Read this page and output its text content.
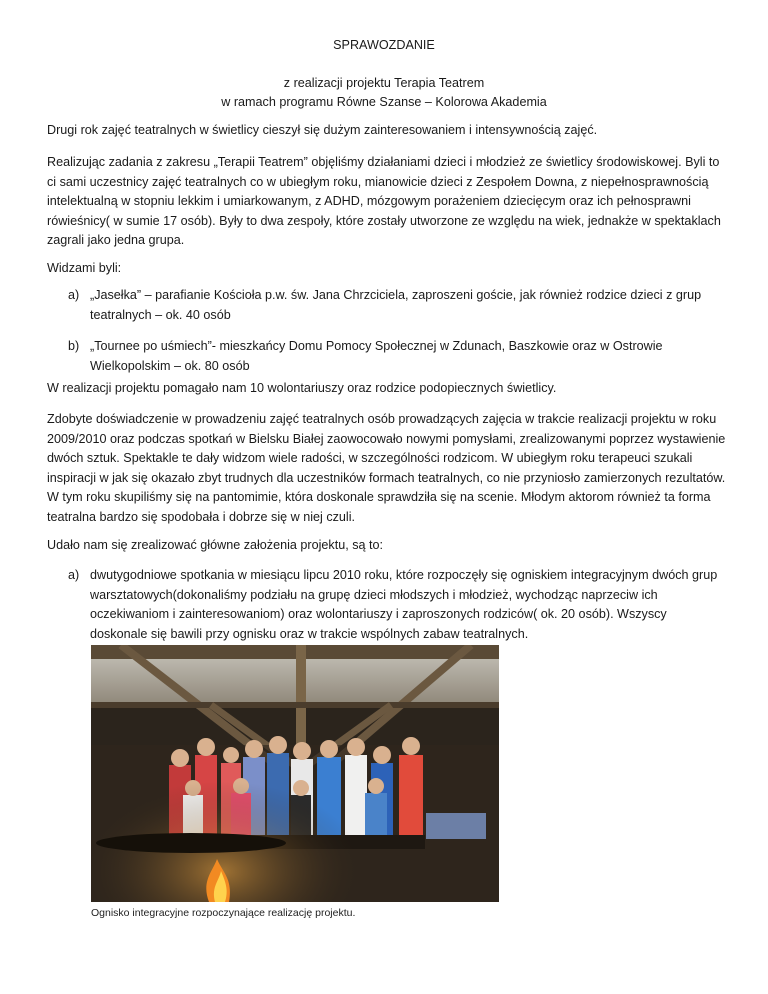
SPRAWOZDANIE
z realizacji projektu Terapia Teatrem
w ramach programu Równe Szanse – Kolorowa Akademia

Drugi rok zajęć teatralnych w świetlicy cieszył się dużym zainteresowaniem i intensywnością zajęć.

Realizując zadania z zakresu „Terapii Teatrem” objęliśmy działaniami dzieci i młodzież ze świetlicy środowiskowej. Byli to ci sami uczestnicy zajęć teatralnych co w ubiegłym roku, mianowicie dzieci z Zespołem Downa, z niepełnosprawnością intelektualną w stopniu lekkim i umiarkowanym, z ADHD, mózgowym porażeniem dziecięcym oraz ich pełnosprawni rówieśnicy( w sumie 17 osób). Były to dwa zespoły, które zostały utworzone ze względu na wiek, jednakże w spektaklach zagrali jako jedna grupa.

Widzami byli:

a) „Jasełka” – parafianie Kościoła p.w. św. Jana Chrzciciela, zaproszeni goście, jak również rodzice dzieci z grup teatralnych – ok. 40 osób
b) „Tournee po uśmiech”- mieszkańcy Domu Pomocy Społecznej w Zdunach, Baszkowie oraz w Ostrowie Wielkopolskim – ok. 80 osób

W realizacji projektu pomagało nam 10 wolontariuszy oraz rodzice podopiecznych świetlicy.

Zdobyte doświadczenie w prowadzeniu zajęć teatralnych osób prowadzących zajęcia w trakcie realizacji projektu w roku 2009/2010 oraz podczas spotkań w Bielsku Białej zaowocowało nowymi pomysłami, zrealizowanymi poprzez wystawienie dwóch sztuk. Spektakle te dały widzom wiele radości, w szczególności rodzicom. W ubiegłym roku terapeuci szukali inspiracji w jak się okazało zbyt trudnych dla uczestników formach teatralnych, co nie przyniosło zamierzonych rezultatów. W tym roku skupiliśmy się na pantomimie, która doskonale sprawdziła się na scenie. Młodym aktorom również ta forma teatralna bardzo się spodobała i dobrze się w niej czuli.

Udało nam się zrealizować główne założenia projektu, są to:

a) dwutygodniowe spotkania w miesiącu lipcu 2010 roku, które rozpoczęły się ogniskiem integracyjnym dwóch grup warsztatowych(dokonaliśmy podziału na grupę dzieci młodszych i młodzież, wychodząc naprzeciw ich oczekiwaniom i zainteresowaniom) oraz wolontariuszy i zaproszonych rodziców( ok. 20 osób). Wszyscy doskonale się bawili przy ognisku oraz w trakcie wspólnych zabaw teatralnych.
Ognisko integracyjne rozpoczynające realizację projektu.
